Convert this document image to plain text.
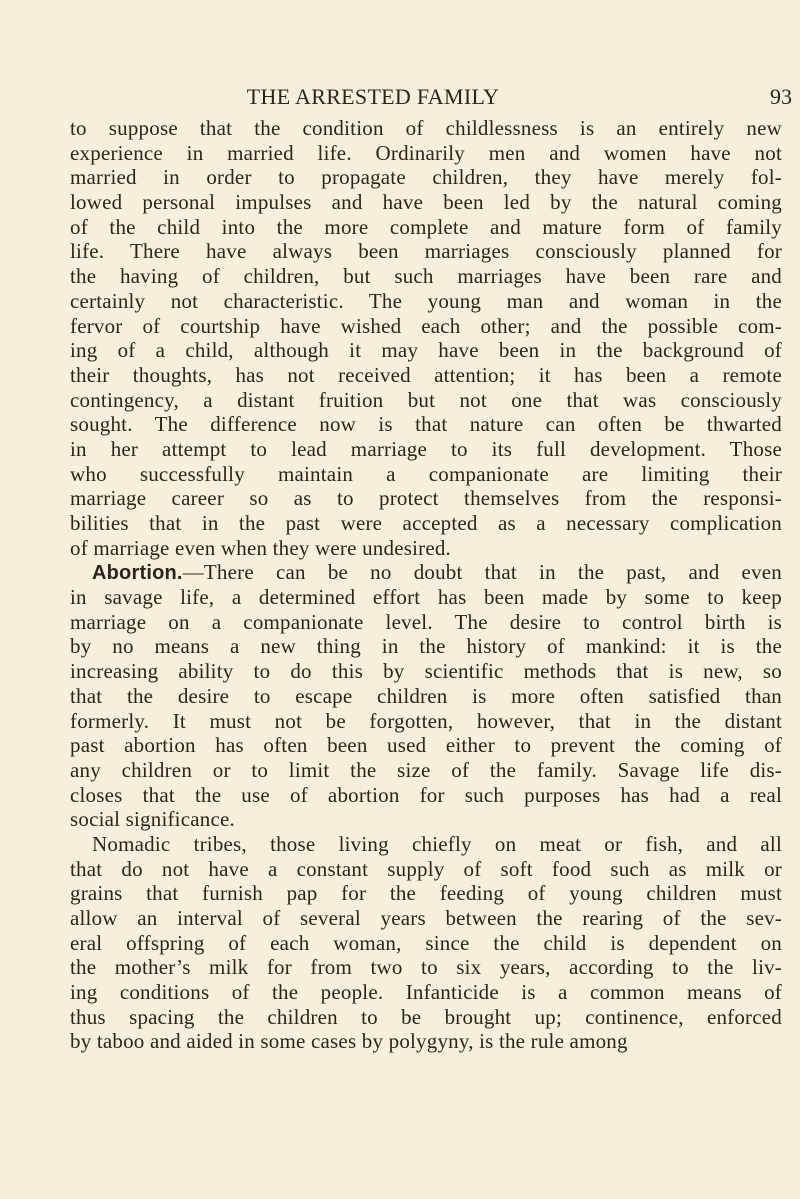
THE ARRESTED FAMILY	93
to suppose that the condition of childlessness is an entirely new
experience in married life. Ordinarily men and women have not
married in order to propagate children, they have merely fol-
lowed personal impulses and have been led by the natural coming
of the child into the more complete and mature form of family
life. There have always been marriages consciously planned for
the having of children, but such marriages have been rare and
certainly not characteristic. The young man and woman in the
fervor of courtship have wished each other; and the possible com-
ing of a child, although it may have been in the background of
their thoughts, has not received attention; it has been a remote
contingency, a distant fruition but not one that was consciously
sought. The difference now is that nature can often be thwarted
in her attempt to lead marriage to its full development. Those
who successfully maintain a companionate are limiting their
marriage career so as to protect themselves from the responsi-
bilities that in the past were accepted as a necessary complication
of marriage even when they were undesired.
Abortion.—There can be no doubt that in the past, and even
in savage life, a determined effort has been made by some to keep
marriage on a companionate level. The desire to control birth is
by no means a new thing in the history of mankind: it is the
increasing ability to do this by scientific methods that is new, so
that the desire to escape children is more often satisfied than
formerly. It must not be forgotten, however, that in the distant
past abortion has often been used either to prevent the coming of
any children or to limit the size of the family. Savage life dis-
closes that the use of abortion for such purposes has had a real
social significance.
Nomadic tribes, those living chiefly on meat or fish, and all
that do not have a constant supply of soft food such as milk or
grains that furnish pap for the feeding of young children must
allow an interval of several years between the rearing of the sev-
eral offspring of each woman, since the child is dependent on
the mother’s milk for from two to six years, according to the liv-
ing conditions of the people. Infanticide is a common means of
thus spacing the children to be brought up; continence, enforced
by taboo and aided in some cases by polygyny, is the rule among
